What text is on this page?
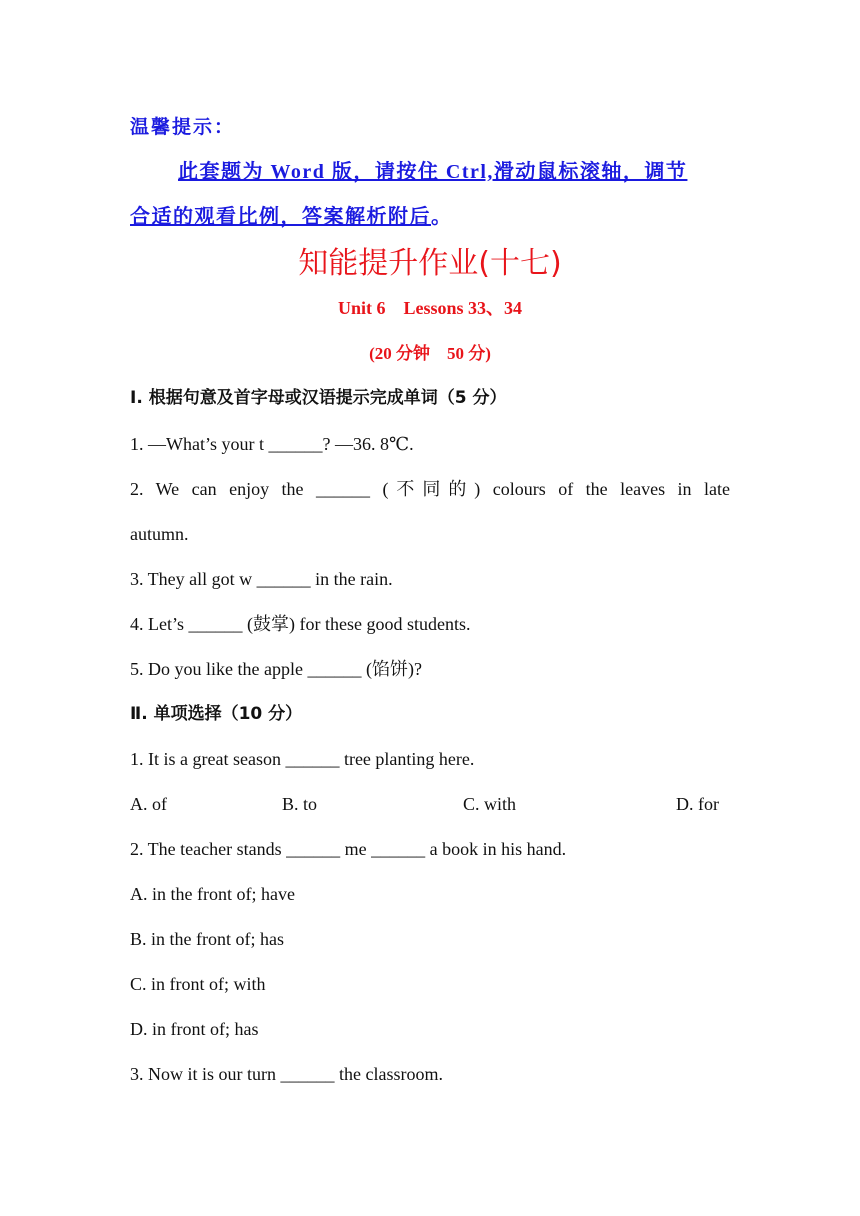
温馨提示：
此套题为 Word 版，请按住 Ctrl,滑动鼠标滚轴，调节
合适的观看比例，答案解析附后。
知能提升作业(十七)
Unit 6    Lessons 33、34
(20 分钟    50 分)
Ⅰ. 根据句意及首字母或汉语提示完成单词（5 分）
1. —What’s your t ______? —36. 8℃.
2. We can enjoy the ______ (不同的) colours of the leaves in late
autumn.
3. They all got w ______ in the rain.
4. Let’s ______ (鼓掌) for these good students.
5. Do you like the apple ______ (馅饼)?
Ⅱ. 单项选择（10 分）
1. It is a great season ______ tree planting here.
A. of	B. to	C. with	D. for
2. The teacher stands ______ me ______ a book in his hand.
A. in the front of; have
B. in the front of; has
C. in front of; with
D. in front of; has
3. Now it is our turn ______ the classroom.
